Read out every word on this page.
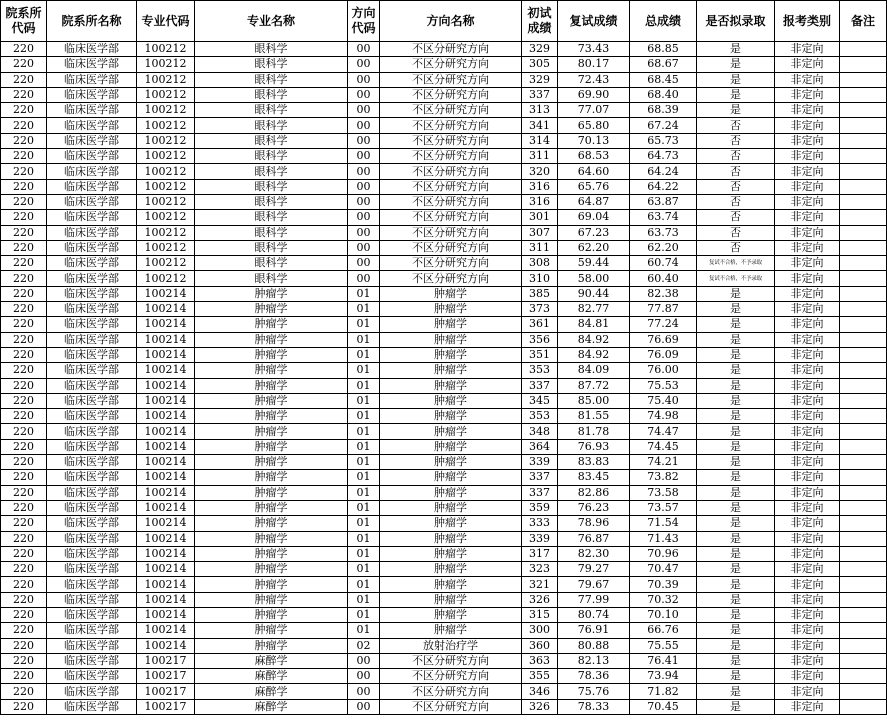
院系所代码	院系所名称	专业代码	专业名称	方向代码	方向名称	初试成绩	复试成绩	总成绩	是否拟录取	报考类别	备注
220	临床医学部	100212	眼科学	00	不区分研究方向	329	73.43	68.85	是	非定向	
220	临床医学部	100212	眼科学	00	不区分研究方向	305	80.17	68.67	是	非定向	
220	临床医学部	100212	眼科学	00	不区分研究方向	329	72.43	68.45	是	非定向	
220	临床医学部	100212	眼科学	00	不区分研究方向	337	69.90	68.40	是	非定向	
220	临床医学部	100212	眼科学	00	不区分研究方向	313	77.07	68.39	是	非定向	
220	临床医学部	100212	眼科学	00	不区分研究方向	341	65.80	67.24	否	非定向	
220	临床医学部	100212	眼科学	00	不区分研究方向	314	70.13	65.73	否	非定向	
220	临床医学部	100212	眼科学	00	不区分研究方向	311	68.53	64.73	否	非定向	
220	临床医学部	100212	眼科学	00	不区分研究方向	320	64.60	64.24	否	非定向	
220	临床医学部	100212	眼科学	00	不区分研究方向	316	65.76	64.22	否	非定向	
220	临床医学部	100212	眼科学	00	不区分研究方向	316	64.87	63.87	否	非定向	
220	临床医学部	100212	眼科学	00	不区分研究方向	301	69.04	63.74	否	非定向	
220	临床医学部	100212	眼科学	00	不区分研究方向	307	67.23	63.73	否	非定向	
220	临床医学部	100212	眼科学	00	不区分研究方向	311	62.20	62.20	否	非定向	
220	临床医学部	100212	眼科学	00	不区分研究方向	308	59.44	60.74	复试不合格，不予录取	非定向	
220	临床医学部	100212	眼科学	00	不区分研究方向	310	58.00	60.40	复试不合格，不予录取	非定向	
220	临床医学部	100214	肿瘤学	01	肿瘤学	385	90.44	82.38	是	非定向	
220	临床医学部	100214	肿瘤学	01	肿瘤学	373	82.77	77.87	是	非定向	
220	临床医学部	100214	肿瘤学	01	肿瘤学	361	84.81	77.24	是	非定向	
220	临床医学部	100214	肿瘤学	01	肿瘤学	356	84.92	76.69	是	非定向	
220	临床医学部	100214	肿瘤学	01	肿瘤学	351	84.92	76.09	是	非定向	
220	临床医学部	100214	肿瘤学	01	肿瘤学	353	84.09	76.00	是	非定向	
220	临床医学部	100214	肿瘤学	01	肿瘤学	337	87.72	75.53	是	非定向	
220	临床医学部	100214	肿瘤学	01	肿瘤学	345	85.00	75.40	是	非定向	
220	临床医学部	100214	肿瘤学	01	肿瘤学	353	81.55	74.98	是	非定向	
220	临床医学部	100214	肿瘤学	01	肿瘤学	348	81.78	74.47	是	非定向	
220	临床医学部	100214	肿瘤学	01	肿瘤学	364	76.93	74.45	是	非定向	
220	临床医学部	100214	肿瘤学	01	肿瘤学	339	83.83	74.21	是	非定向	
220	临床医学部	100214	肿瘤学	01	肿瘤学	337	83.45	73.82	是	非定向	
220	临床医学部	100214	肿瘤学	01	肿瘤学	337	82.86	73.58	是	非定向	
220	临床医学部	100214	肿瘤学	01	肿瘤学	359	76.23	73.57	是	非定向	
220	临床医学部	100214	肿瘤学	01	肿瘤学	333	78.96	71.54	是	非定向	
220	临床医学部	100214	肿瘤学	01	肿瘤学	339	76.87	71.43	是	非定向	
220	临床医学部	100214	肿瘤学	01	肿瘤学	317	82.30	70.96	是	非定向	
220	临床医学部	100214	肿瘤学	01	肿瘤学	323	79.27	70.47	是	非定向	
220	临床医学部	100214	肿瘤学	01	肿瘤学	321	79.67	70.39	是	非定向	
220	临床医学部	100214	肿瘤学	01	肿瘤学	326	77.99	70.32	是	非定向	
220	临床医学部	100214	肿瘤学	01	肿瘤学	315	80.74	70.10	是	非定向	
220	临床医学部	100214	肿瘤学	01	肿瘤学	300	76.91	66.76	是	非定向	
220	临床医学部	100214	肿瘤学	02	放射治疗学	360	80.88	75.55	是	非定向	
220	临床医学部	100217	麻醉学	00	不区分研究方向	363	82.13	76.41	是	非定向	
220	临床医学部	100217	麻醉学	00	不区分研究方向	355	78.36	73.94	是	非定向	
220	临床医学部	100217	麻醉学	00	不区分研究方向	346	75.76	71.82	是	非定向	
220	临床医学部	100217	麻醉学	00	不区分研究方向	326	78.33	70.45	是	非定向	
